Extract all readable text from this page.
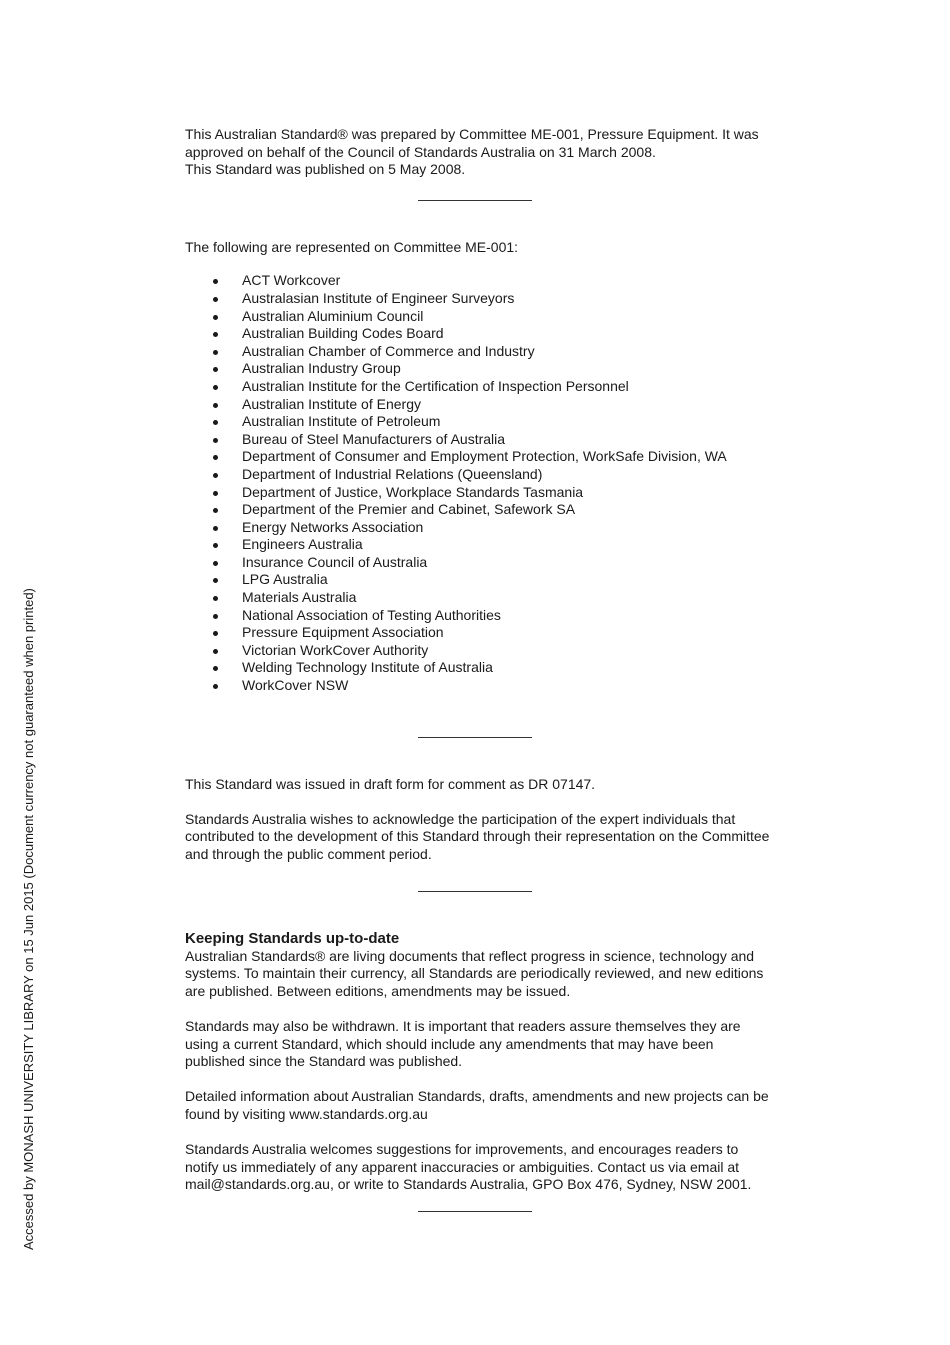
This Australian Standard® was prepared by Committee ME-001, Pressure Equipment. It was

approved on behalf of the Council of Standards Australia on 31 March 2008.

This Standard was published on 5 May 2008.

The following are represented on Committee ME-001:

ACT Workcover
Australasian Institute of Engineer Surveyors
Australian Aluminium Council
Australian Building Codes Board
Australian Chamber of Commerce and Industry
Australian Industry Group
Australian Institute for the Certification of Inspection Personnel
Australian Institute of Energy
Australian Institute of Petroleum
Bureau of Steel Manufacturers of Australia
Department of Consumer and Employment Protection, WorkSafe Division, WA
Department of Industrial Relations (Queensland)
Department of Justice, Workplace Standards Tasmania
Department of the Premier and Cabinet, Safework SA
Energy Networks Association
Engineers Australia
Insurance Council of Australia
LPG Australia
Materials Australia
National Association of Testing Authorities
Pressure Equipment Association
Victorian WorkCover Authority
Welding Technology Institute of Australia
WorkCover NSW

This Standard was issued in draft form for comment as DR 07147.

Standards Australia wishes to acknowledge the participation of the expert individuals that contributed to the development of this Standard through their representation on the Committee and through the public comment period.

Keeping Standards up-to-date

Australian Standards® are living documents that reflect progress in science, technology and systems. To maintain their currency, all Standards are periodically reviewed, and new editions are published. Between editions, amendments may be issued.

Standards may also be withdrawn. It is important that readers assure themselves they are using a current Standard, which should include any amendments that may have been published since the Standard was published.

Detailed information about Australian Standards, drafts, amendments and new projects can be found by visiting www.standards.org.au

Standards Australia welcomes suggestions for improvements, and encourages readers to notify us immediately of any apparent inaccuracies or ambiguities. Contact us via email at mail@standards.org.au, or write to Standards Australia, GPO Box 476, Sydney, NSW 2001.

Accessed by MONASH UNIVERSITY LIBRARY on 15 Jun 2015 (Document currency not guaranteed when printed)
